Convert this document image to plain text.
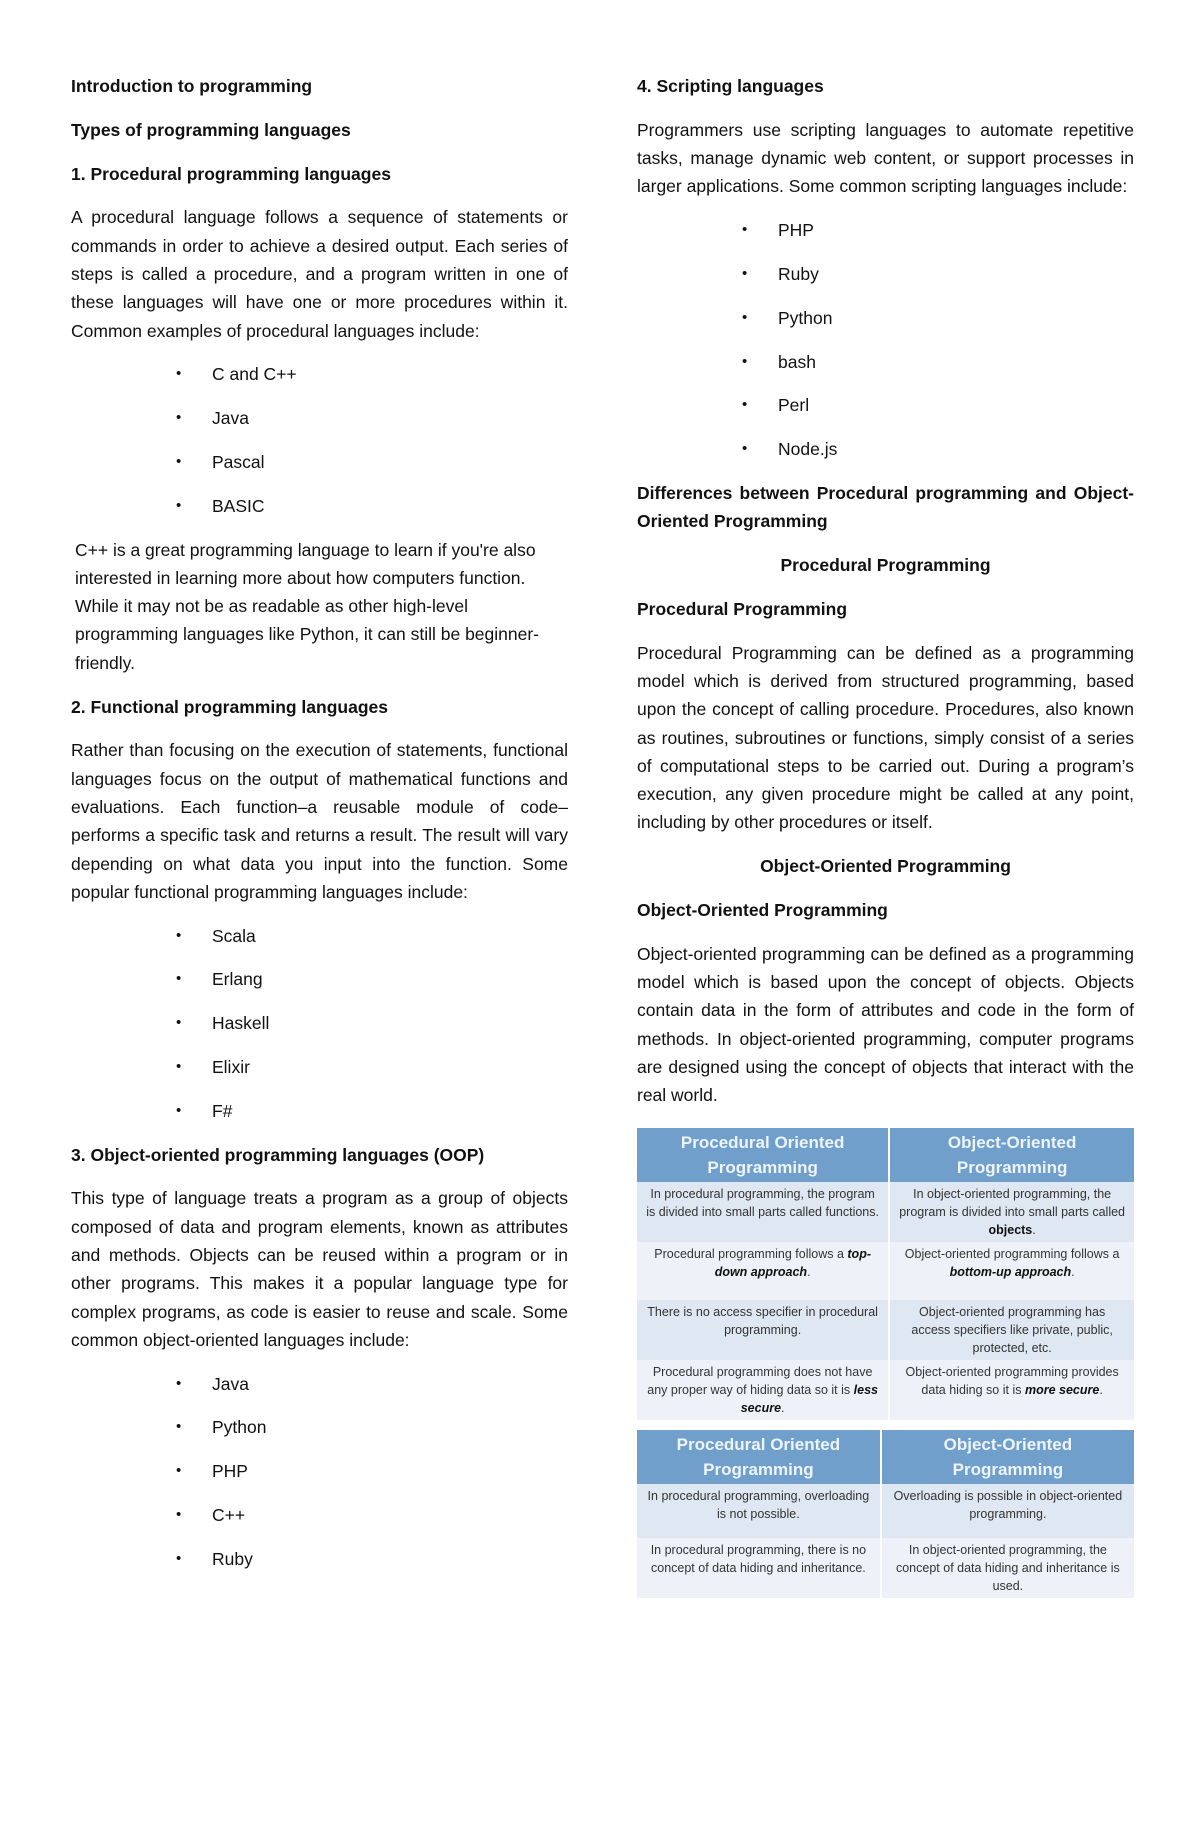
Introduction to programming
Types of programming languages
1. Procedural programming languages
A procedural language follows a sequence of statements or commands in order to achieve a desired output. Each series of steps is called a procedure, and a program written in one of these languages will have one or more procedures within it. Common examples of procedural languages include:
• C and C++
• Java
• Pascal
• BASIC
C++ is a great programming language to learn if you're also interested in learning more about how computers function. While it may not be as readable as other high-level programming languages like Python, it can still be beginner-friendly.
2. Functional programming languages
Rather than focusing on the execution of statements, functional languages focus on the output of mathematical functions and evaluations. Each function–a reusable module of code–performs a specific task and returns a result. The result will vary depending on what data you input into the function. Some popular functional programming languages include:
• Scala
• Erlang
• Haskell
• Elixir
• F#
3. Object-oriented programming languages (OOP)
This type of language treats a program as a group of objects composed of data and program elements, known as attributes and methods. Objects can be reused within a program or in other programs. This makes it a popular language type for complex programs, as code is easier to reuse and scale. Some common object-oriented languages include:
• Java
• Python
• PHP
• C++
• Ruby
4. Scripting languages
Programmers use scripting languages to automate repetitive tasks, manage dynamic web content, or support processes in larger applications. Some common scripting languages include:
• PHP
• Ruby
• Python
• bash
• Perl
• Node.js
Differences between Procedural programming and Object-Oriented Programming
Procedural Programming
Procedural Programming
Procedural Programming can be defined as a programming model which is derived from structured programming, based upon the concept of calling procedure. Procedures, also known as routines, subroutines or functions, simply consist of a series of computational steps to be carried out. During a program’s execution, any given procedure might be called at any point, including by other procedures or itself.
Object-Oriented Programming
Object-Oriented Programming
Object-oriented programming can be defined as a programming model which is based upon the concept of objects. Objects contain data in the form of attributes and code in the form of methods. In object-oriented programming, computer programs are designed using the concept of objects that interact with the real world.
Procedural Oriented Programming	Object-Oriented Programming
In procedural programming, the program is divided into small parts called functions.	In object-oriented programming, the program is divided into small parts called objects.
Procedural programming follows a top-down approach.	Object-oriented programming follows a bottom-up approach.
There is no access specifier in procedural programming.	Object-oriented programming has access specifiers like private, public, protected, etc.
Procedural programming does not have any proper way of hiding data so it is less secure.	Object-oriented programming provides data hiding so it is more secure.
Procedural Oriented Programming	Object-Oriented Programming
In procedural programming, overloading is not possible.	Overloading is possible in object-oriented programming.
In procedural programming, there is no concept of data hiding and inheritance.	In object-oriented programming, the concept of data hiding and inheritance is used.
